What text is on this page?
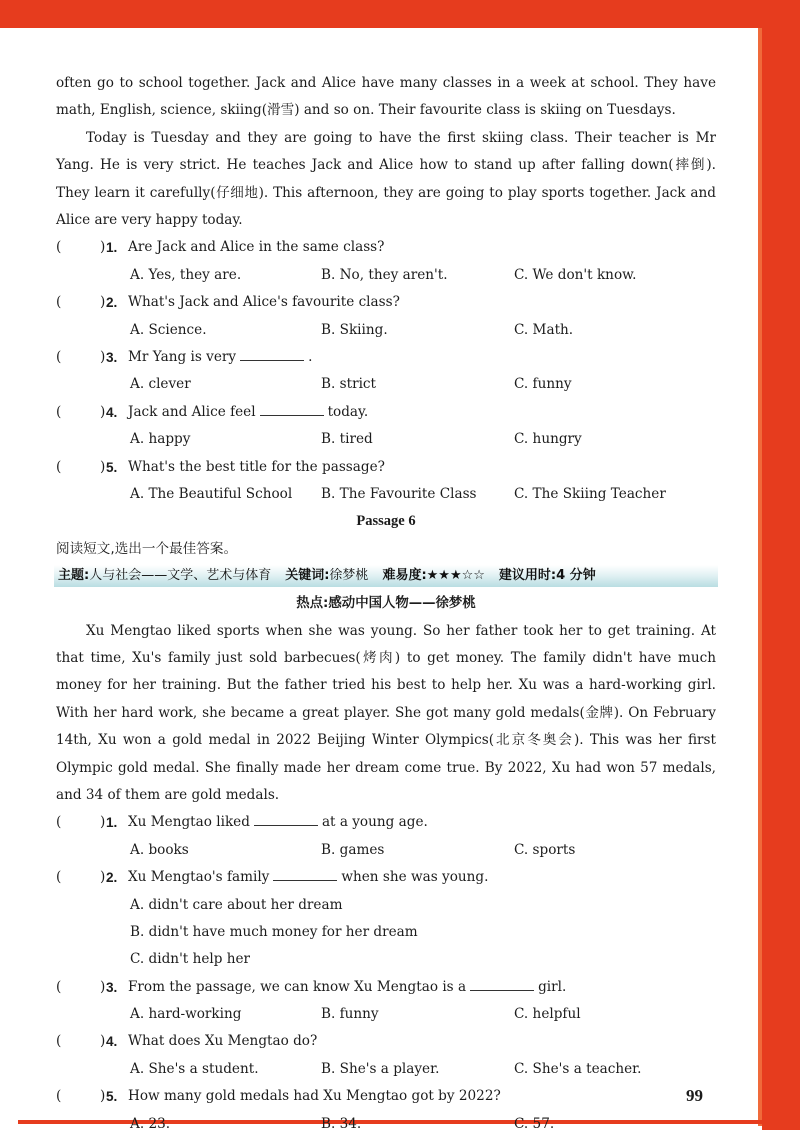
often go to school together. Jack and Alice have many classes in a week at school. They have math, English, science, skiing(滑雪) and so on. Their favourite class is skiing on Tuesdays.

Today is Tuesday and they are going to have the first skiing class. Their teacher is Mr Yang. He is very strict. He teaches Jack and Alice how to stand up after falling down(摔倒). They learn it carefully(仔细地). This afternoon, they are going to play sports together. Jack and Alice are very happy today.

(	) 1. Are Jack and Alice in the same class?
A. Yes, they are.	B. No, they aren't.	C. We don't know.
(	) 2. What's Jack and Alice's favourite class?
A. Science.	B. Skiing.	C. Math.
(	) 3. Mr Yang is very	.
A. clever	B. strict	C. funny
(	) 4. Jack and Alice feel	today.
A. happy	B. tired	C. hungry
(	) 5. What's the best title for the passage?
A. The Beautiful School B. The Favourite Class	C. The Skiing Teacher
Passage 6
阅读短文,选出一个最佳答案。
主题:人与社会——文学、艺术与体育 关键词:徐梦桃 难易度:★★★☆☆ 建议用时:4 分钟
热点:感动中国人物——徐梦桃

Xu Mengtao liked sports when she was young. So her father took her to get training. At that time, Xu's family just sold barbecues(烤肉) to get money. The family didn't have much money for her training. But the father tried his best to help her. Xu was a hard-working girl. With her hard work, she became a great player. She got many gold medals(金牌). On February 14th, Xu won a gold medal in 2022 Beijing Winter Olympics(北京冬奥会). This was her first Olympic gold medal. She finally made her dream come true. By 2022, Xu had won 57 medals, and 34 of them are gold medals.

(	) 1. Xu Mengtao liked	at a young age.
A. books	B. games	C. sports
(	) 2. Xu Mengtao's family	when she was young.
A. didn't care about her dream
B. didn't have much money for her dream
C. didn't help her
(	) 3. From the passage, we can know Xu Mengtao is a	girl.
A. hard-working	B. funny	C. helpful
(	) 4. What does Xu Mengtao do?
A. She's a student.	B. She's a player.	C. She's a teacher.
(	) 5. How many gold medals had Xu Mengtao got by 2022?
A. 23.	B. 34.	C. 57.
99
